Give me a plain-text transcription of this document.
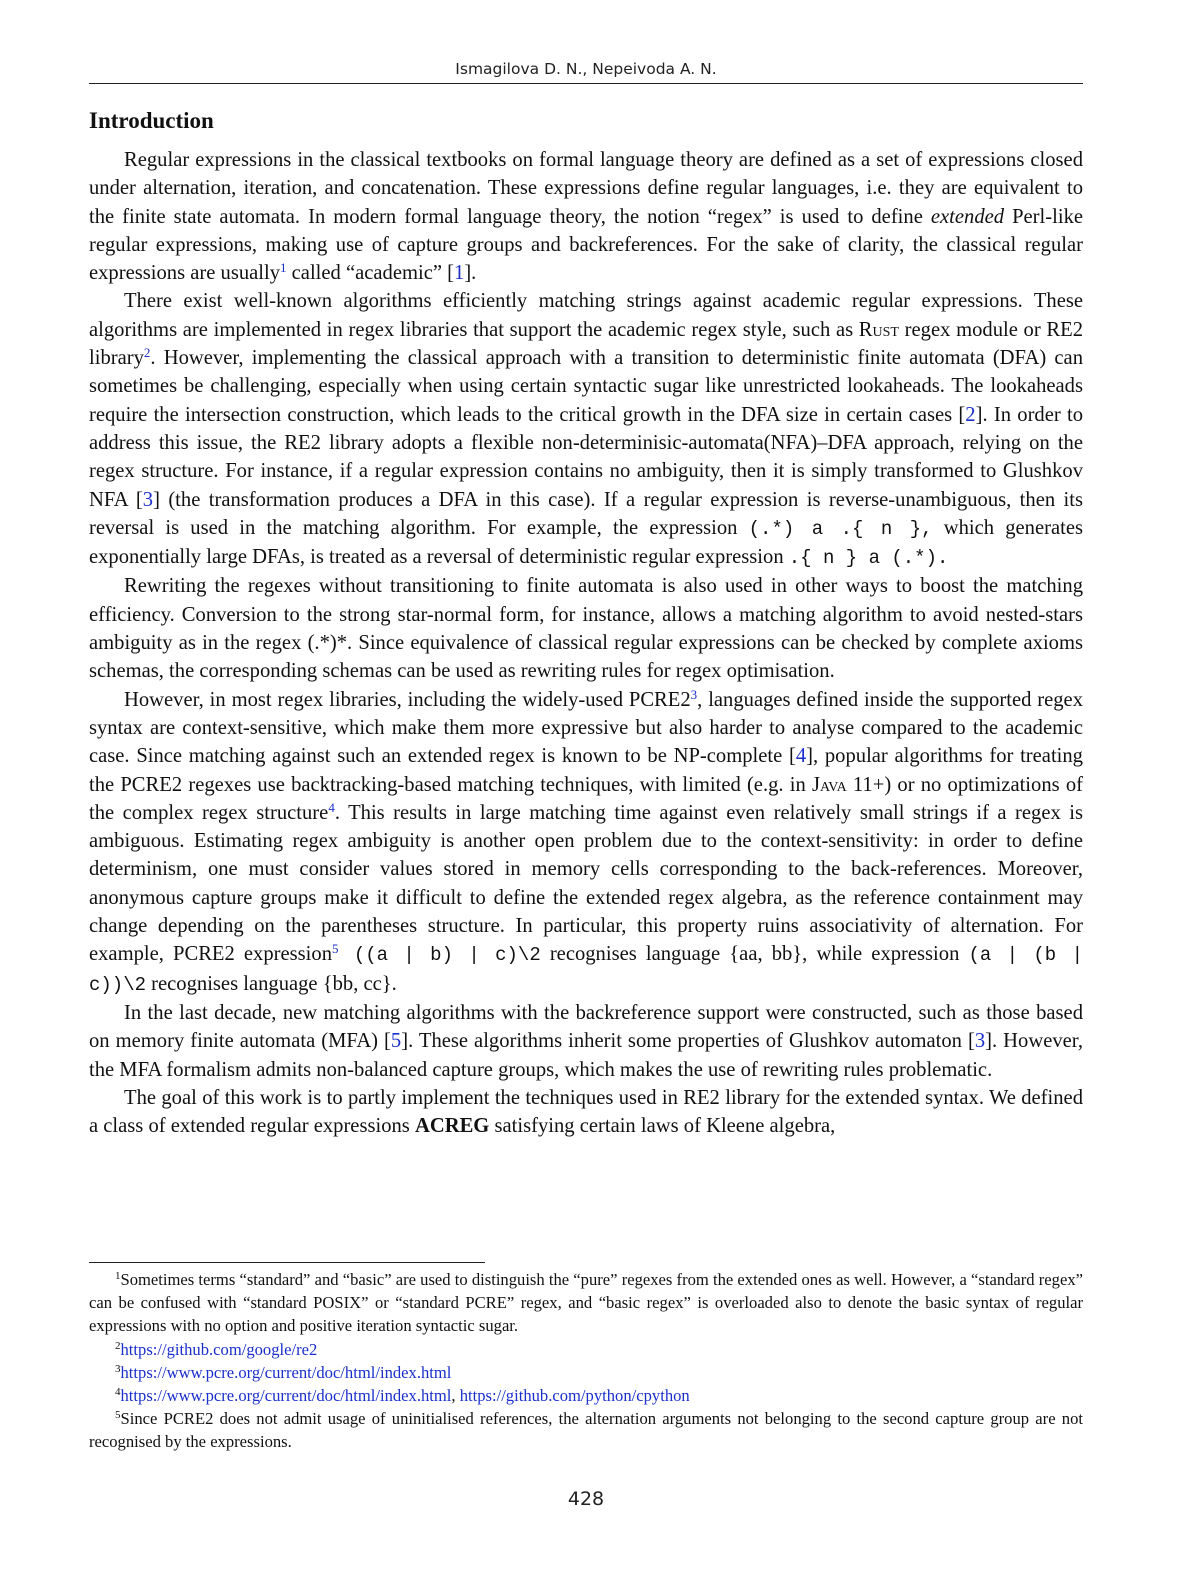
Ismagilova D. N., Nepeivoda A. N.
Introduction

Regular expressions in the classical textbooks on formal language theory are defined as a set of expressions closed under alternation, iteration, and concatenation. These expressions define regular languages, i.e. they are equivalent to the finite state automata. In modern formal language theory, the notion “regex” is used to define extended Perl-like regular expressions, making use of capture groups and backreferences. For the sake of clarity, the classical regular expressions are usually$^1$ called “academic” [1].

There exist well-known algorithms efficiently matching strings against academic regular expressions. These algorithms are implemented in regex libraries that support the academic regex style, such as Rust regex module or RE2 library$^2$. However, implementing the classical approach with a transition to deterministic finite automata (DFA) can sometimes be challenging, especially when using certain syntactic sugar like unrestricted lookaheads. The lookaheads require the intersection construction, which leads to the critical growth in the DFA size in certain cases [2]. In order to address this issue, the RE2 library adopts a flexible non-determinisic-automata(NFA)–DFA approach, relying on the regex structure. For instance, if a regular expression contains no ambiguity, then it is simply transformed to Glushkov NFA [3] (the transformation produces a DFA in this case). If a regular expression is reverse-unambiguous, then its reversal is used in the matching algorithm. For example, the expression (.*) a .{ n }, which generates exponentially large DFAs, is treated as a reversal of deterministic regular expression .{ n } a (.*).

Rewriting the regexes without transitioning to finite automata is also used in other ways to boost the matching efficiency. Conversion to the strong star-normal form, for instance, allows a matching algorithm to avoid nested-stars ambiguity as in the regex (.*)*. Since equivalence of classical regular expressions can be checked by complete axioms schemas, the corresponding schemas can be used as rewriting rules for regex optimisation.

However, in most regex libraries, including the widely-used PCRE2$^3$, languages defined inside the supported regex syntax are context-sensitive, which make them more expressive but also harder to analyse compared to the academic case. Since matching against such an extended regex is known to be NP-complete [4], popular algorithms for treating the PCRE2 regexes use backtracking-based matching techniques, with limited (e.g. in Java 11+) or no optimizations of the complex regex structure$^4$. This results in large matching time against even relatively small strings if a regex is ambiguous. Estimating regex ambiguity is another open problem due to the context-sensitivity: in order to define determinism, one must consider values stored in memory cells corresponding to the back-references. Moreover, anonymous capture groups make it difficult to define the extended regex algebra, as the reference containment may change depending on the parentheses structure. In particular, this property ruins associativity of alternation. For example, PCRE2 expression$^5$ ((a | b) | c)\2 recognises language {aa, bb}, while expression (a | (b | c))\2 recognises language {bb, cc}.

In the last decade, new matching algorithms with the backreference support were constructed, such as those based on memory finite automata (MFA) [5]. These algorithms inherit some properties of Glushkov automaton [3]. However, the MFA formalism admits non-balanced capture groups, which makes the use of rewriting rules problematic.

The goal of this work is to partly implement the techniques used in RE2 library for the extended syntax. We defined a class of extended regular expressions ACREG satisfying certain laws of Kleene algebra,

$^1$Sometimes terms “standard” and “basic” are used to distinguish the “pure” regexes from the extended ones as well. However, a “standard regex” can be confused with “standard POSIX” or “standard PCRE” regex, and “basic regex” is overloaded also to denote the basic syntax of regular expressions with no option and positive iteration syntactic sugar.

$^2$https://github.com/google/re2

$^3$https://www.pcre.org/current/doc/html/index.html

$^4$https://www.pcre.org/current/doc/html/index.html, https://github.com/python/cpython

$^5$Since PCRE2 does not admit usage of uninitialised references, the alternation arguments not belonging to the second capture group are not recognised by the expressions.

428
